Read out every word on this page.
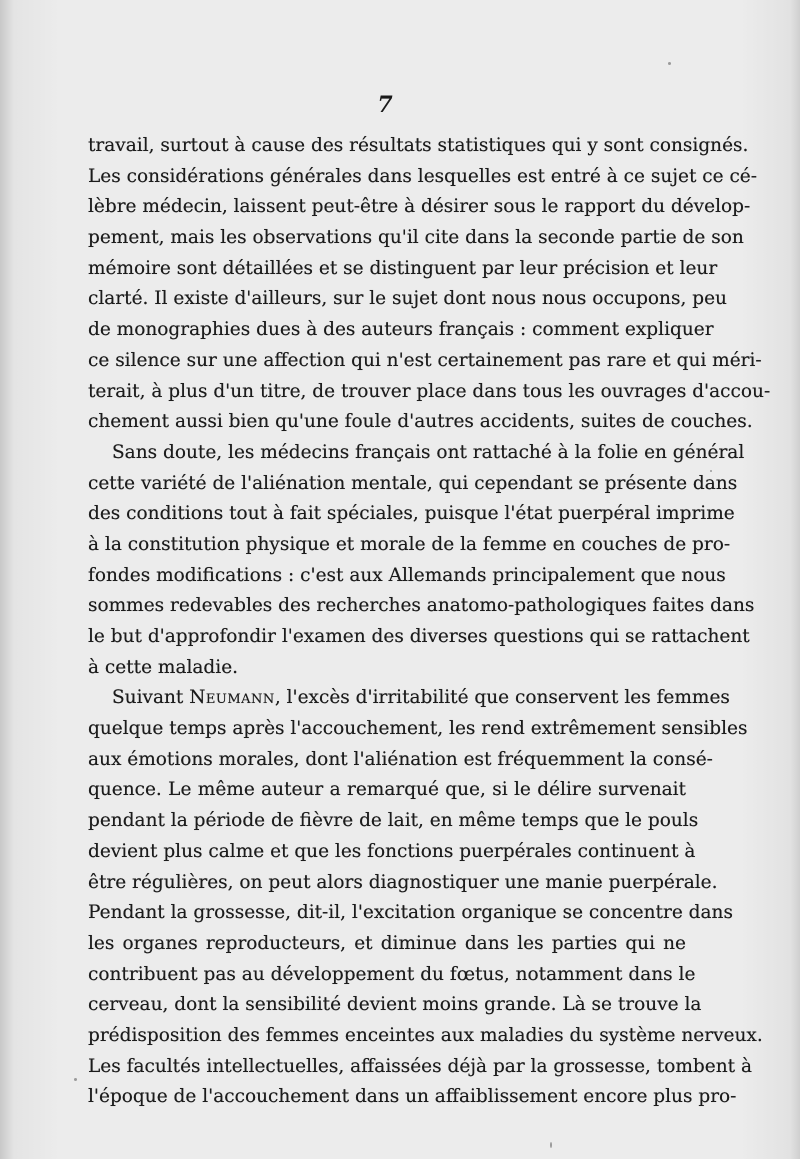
7
travail, surtout à cause des résultats statistiques qui y sont consignés.
Les considérations générales dans lesquelles est entré à ce sujet ce cé-
lèbre médecin, laissent peut-être à désirer sous le rapport du dévelop-
pement, mais les observations qu'il cite dans la seconde partie de son
mémoire sont détaillées et se distinguent par leur précision et leur
clarté. Il existe d'ailleurs, sur le sujet dont nous nous occupons, peu
de monographies dues à des auteurs français : comment expliquer
ce silence sur une affection qui n'est certainement pas rare et qui méri-
terait, à plus d'un titre, de trouver place dans tous les ouvrages d'accou-
chement aussi bien qu'une foule d'autres accidents, suites de couches.
Sans doute, les médecins français ont rattaché à la folie en général
cette variété de l'aliénation mentale, qui cependant se présente dans
des conditions tout à fait spéciales, puisque l'état puerpéral imprime
à la constitution physique et morale de la femme en couches de pro-
fondes modifications : c'est aux Allemands principalement que nous
sommes redevables des recherches anatomo-pathologiques faites dans
le but d'approfondir l'examen des diverses questions qui se rattachent
à cette maladie.
Suivant Neumann, l'excès d'irritabilité que conservent les femmes
quelque temps après l'accouchement, les rend extrêmement sensibles
aux émotions morales, dont l'aliénation est fréquemment la consé-
quence. Le même auteur a remarqué que, si le délire survenait
pendant la période de fièvre de lait, en même temps que le pouls
devient plus calme et que les fonctions puerpérales continuent à
être régulières, on peut alors diagnostiquer une manie puerpérale.
Pendant la grossesse, dit-il, l'excitation organique se concentre dans
les organes reproducteurs, et diminue dans les parties qui ne
contribuent pas au développement du fœtus, notamment dans le
cerveau, dont la sensibilité devient moins grande. Là se trouve la
prédisposition des femmes enceintes aux maladies du système nerveux.
Les facultés intellectuelles, affaissées déjà par la grossesse, tombent à
l'époque de l'accouchement dans un affaiblissement encore plus pro-
